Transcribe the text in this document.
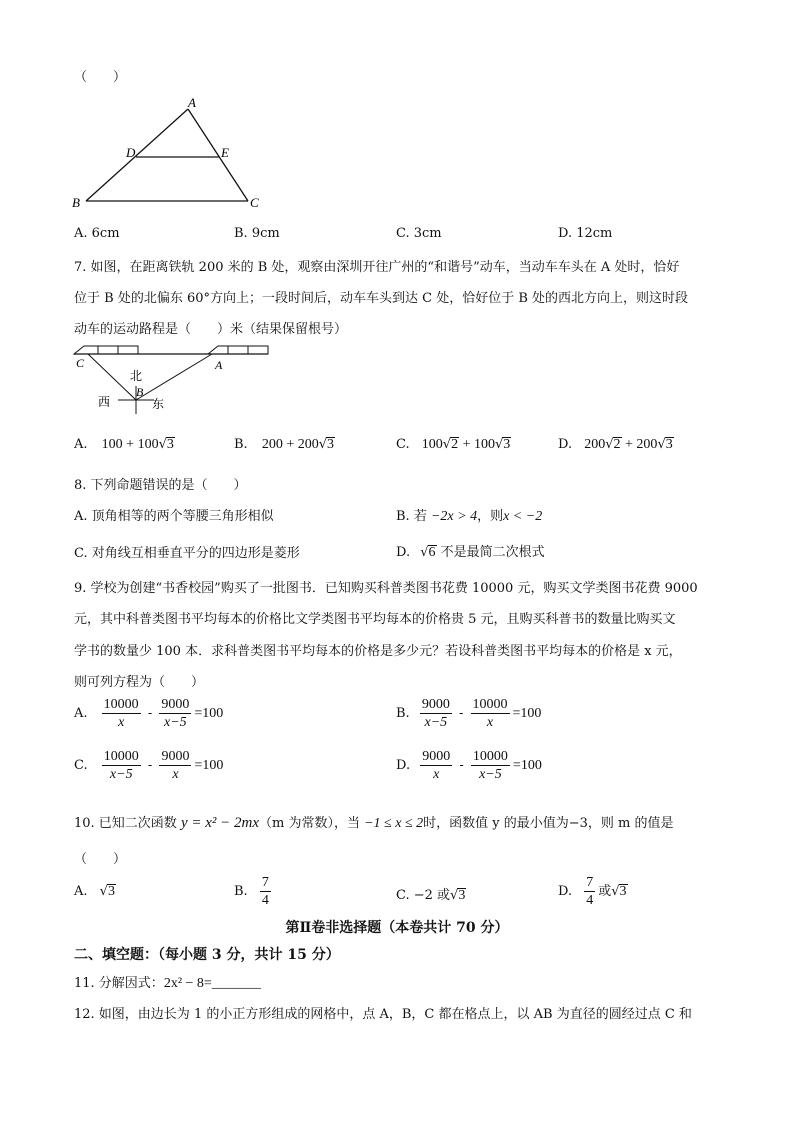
（　　）
A
D	E
B	C
A. 6cm	B. 9cm	C. 3cm	D. 12cm
7. 如图，在距离铁轨 200 米的 B 处，观察由深圳开往广州的“和谐号”动车，当动车车头在 A 处时，恰好
位于 B 处的北偏东 60°方向上；一段时间后，动车车头到达 C 处，恰好位于 B 处的西北方向上，则这时段
动车的运动路程是（　　）米（结果保留根号）
C	A
B
北
西	东
A. 100 + 100√3	B. 200 + 200√3	C. 100√2 + 100√3	D. 200√2 + 200√3
8. 下列命题错误的是（　　）
A. 顶角相等的两个等腰三角形相似	B. 若 −2x > 4，则x < −2
C. 对角线互相垂直平分的四边形是菱形	D. √6 不是最简二次根式
9. 学校为创建“书香校园”购买了一批图书．已知购买科普类图书花费 10000 元，购买文学类图书花费 9000
元，其中科普类图书平均每本的价格比文学类图书平均每本的价格贵 5 元，且购买科普书的数量比购买文
学书的数量少 100 本．求科普类图书平均每本的价格是多少元？若设科普类图书平均每本的价格是 x 元，
则可列方程为（　　）
A. $\frac{10000}{x} - \frac{9000}{x-5} =100$	B. $\frac{9000}{x-5} - \frac{10000}{x} =100$
C. $\frac{10000}{x-5} - \frac{9000}{x} =100$	D. $\frac{9000}{x} - \frac{10000}{x-5} =100$
10. 已知二次函数 y = x² − 2mx（m 为常数），当 −1 ≤ x ≤ 2时，函数值 y 的最小值为−3，则 m 的值是
（　　）
A. √3	B. $\frac{7}{4}$	C. −2 或√3	D. $\frac{7}{4}$ 或√3
第Ⅱ卷非选择题（本卷共计 70 分）
二、填空题：（每小题 3 分，共计 15 分）
11. 分解因式：2x² − 8=_______
12. 如图，由边长为 1 的小正方形组成的网格中，点 A，B，C 都在格点上，以 AB 为直径的圆经过点 C 和
